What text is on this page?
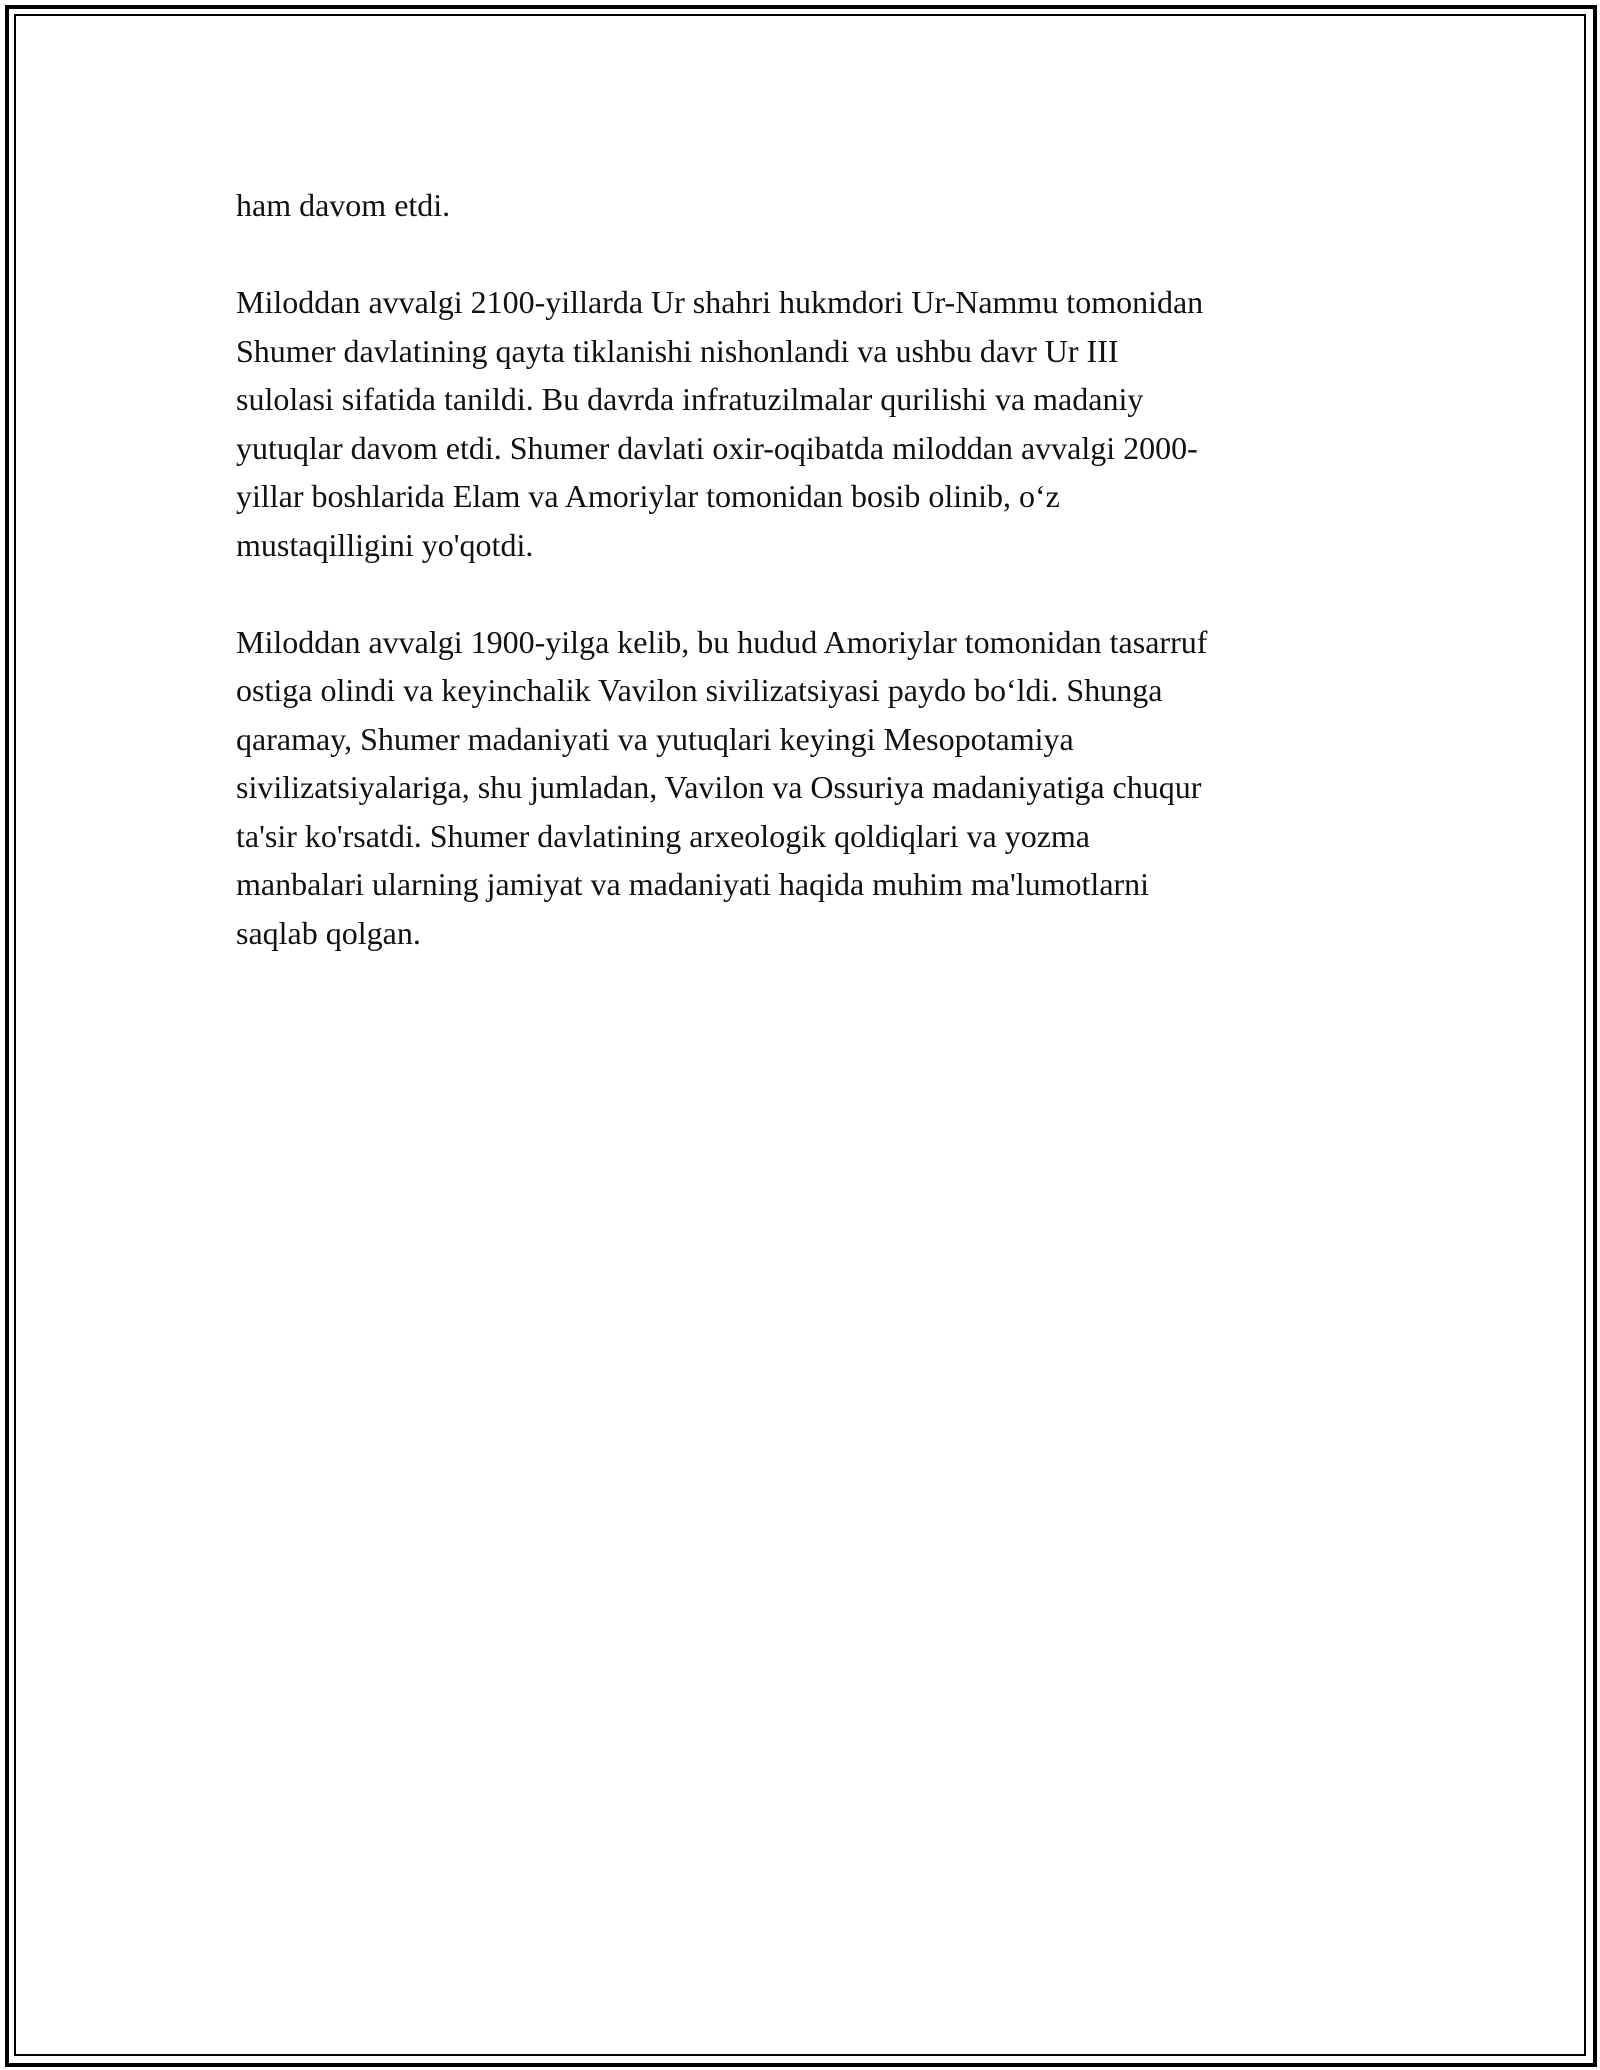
ham davom etdi.

Miloddan avvalgi 2100-yillarda Ur shahri hukmdori Ur-Nammu tomonidan
Shumer davlatining qayta tiklanishi nishonlandi va ushbu davr Ur III
sulolasi sifatida tanildi. Bu davrda infratuzilmalar qurilishi va madaniy
yutuqlar davom etdi. Shumer davlati oxir-oqibatda miloddan avvalgi 2000-
yillar boshlarida Elam va Amoriylar tomonidan bosib olinib, o‘z
mustaqilligini yo'qotdi.

Miloddan avvalgi 1900-yilga kelib, bu hudud Amoriylar tomonidan tasarruf
ostiga olindi va keyinchalik Vavilon sivilizatsiyasi paydo bo‘ldi. Shunga
qaramay, Shumer madaniyati va yutuqlari keyingi Mesopotamiya
sivilizatsiyalariga, shu jumladan, Vavilon va Ossuriya madaniyatiga chuqur
ta'sir ko'rsatdi. Shumer davlatining arxeologik qoldiqlari va yozma
manbalari ularning jamiyat va madaniyati haqida muhim ma'lumotlarni
saqlab qolgan.
